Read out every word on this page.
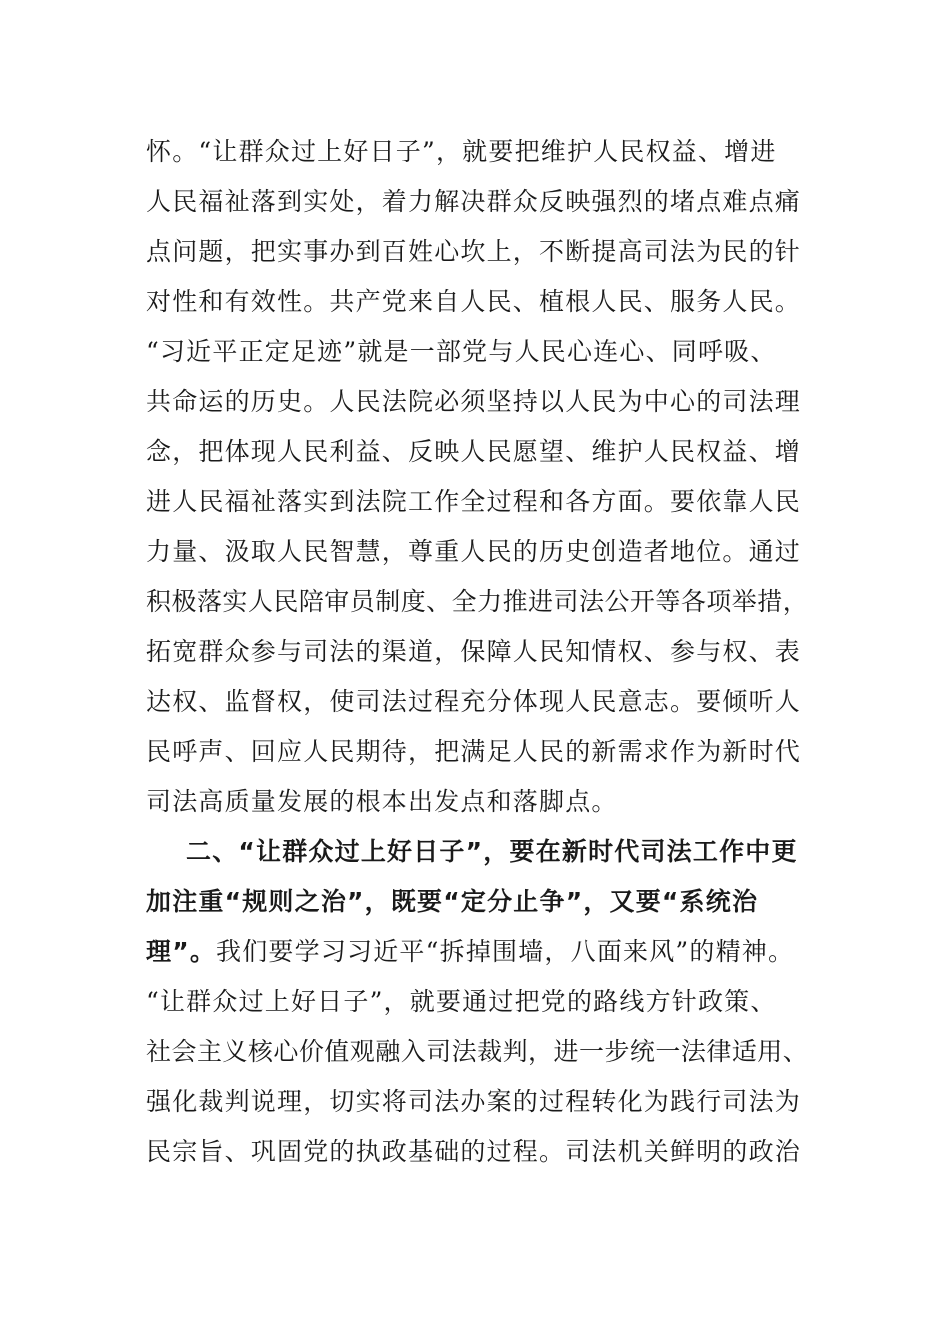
怀。“让群众过上好日子”，就要把维护人民权益、增进
人民福祉落到实处，着力解决群众反映强烈的堵点难点痛
点问题，把实事办到百姓心坎上，不断提高司法为民的针
对性和有效性。共产党来自人民、植根人民、服务人民。
“习近平正定足迹”就是一部党与人民心连心、同呼吸、
共命运的历史。人民法院必须坚持以人民为中心的司法理
念，把体现人民利益、反映人民愿望、维护人民权益、增
进人民福祉落实到法院工作全过程和各方面。要依靠人民
力量、汲取人民智慧，尊重人民的历史创造者地位。通过
积极落实人民陪审员制度、全力推进司法公开等各项举措，
拓宽群众参与司法的渠道，保障人民知情权、参与权、表
达权、监督权，使司法过程充分体现人民意志。要倾听人
民呼声、回应人民期待，把满足人民的新需求作为新时代
司法高质量发展的根本出发点和落脚点。
二、“让群众过上好日子”，要在新时代司法工作中更
加注重“规则之治”，既要“定分止争”，又要“系统治
理”。我们要学习习近平“拆掉围墙，八面来风”的精神。
“让群众过上好日子”，就要通过把党的路线方针政策、
社会主义核心价值观融入司法裁判，进一步统一法律适用、
强化裁判说理，切实将司法办案的过程转化为践行司法为
民宗旨、巩固党的执政基础的过程。司法机关鲜明的政治
